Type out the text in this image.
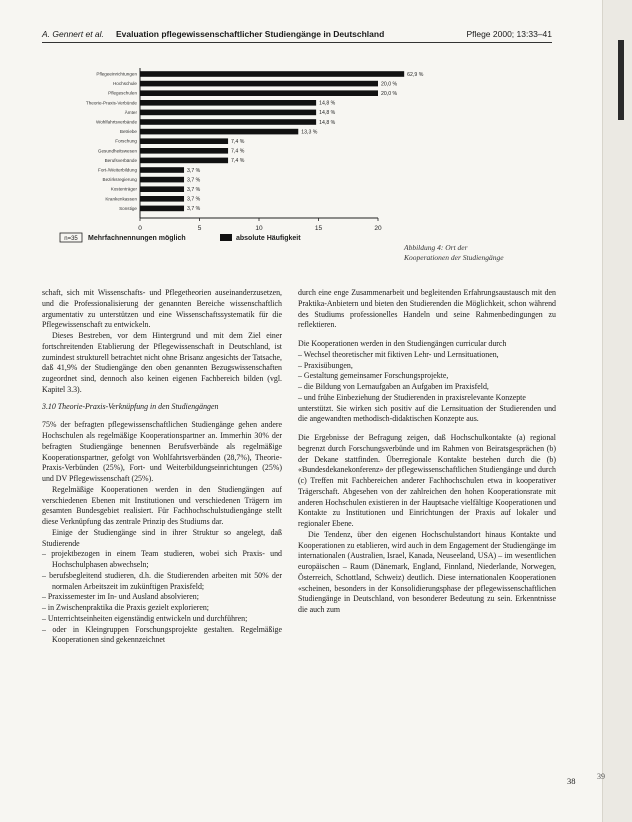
A. Gennert et al. Evaluation pflegewissenschaftlicher Studiengänge in Deutschland	Pflege 2000; 13:33–41
Pflegeeinrichtungen	62,9 %
Hochschule	20,0 %
Pflegeschulen	20,0 %
Theorie-Praxis-Verbünde	14,8 %
Ämter	14,8 %
Wohlfahrtsverbände	14,8 %
Betriebe	13,3 %
Forschung	7,4 %
Gesundheitswesen	7,4 %
Berufsverbände	7,4 %
Fort-/Weiterbildung	3,7 %
Bezirksregierung	3,7 %
Kostenträger	3,7 %
Krankenkassen	3,7 %
Sonstige	3,7 %
0	5	10	15	20
n=35 Mehrfachnennungen möglich	absolute Häufigkeit
Abbildung 4: Ort der Kooperationen der Studiengänge

schaft, sich mit Wissenschafts- und Pflegetheorien auseinanderzusetzen, und die Professionalisierung der genannten Bereiche wissenschaftlich argumentativ zu unterstützen und eine Wissenschaftssystematik für die Pflegewissenschaft zu entwickeln.

Dieses Bestreben, vor dem Hintergrund und mit dem Ziel einer fortschreitenden Etablierung der Pflegewissenschaft in Deutschland, ist zumindest strukturell betrachtet nicht ohne Brisanz angesichts der Tatsache, daß 41,9% der Studiengänge den oben genannten Bezugswissenschaften zugeordnet sind, dennoch also keinen eigenen Fachbereich bilden (vgl. Kapitel 3.3).

3.10 Theorie-Praxis-Verknüpfung in den Studiengängen

75% der befragten pflegewissenschaftlichen Studiengänge gehen andere Hochschulen als regelmäßige Kooperationspartner an. Immerhin 30% der befragten Studiengänge benennen Berufsverbände als regelmäßige Kooperationspartner, gefolgt von Wohlfahrtsverbänden (28,7%), Theorie-Praxis-Verbünden (25%), Fort- und Weiterbildungseinrichtungen (25%) und DV Pflegewissenschaft (25%).

Regelmäßige Kooperationen werden in den Studiengängen auf verschiedenen Ebenen mit Institutionen und verschiedenen Trägern im gesamten Bundesgebiet realisiert. Für Fachhochschulstudiengänge stellt diese Verknüpfung das zentrale Prinzip des Studiums dar.

Einige der Studiengänge sind in ihrer Struktur so angelegt, daß Studierende

– projektbezogen in einem Team studieren, wobei sich Praxis- und Hochschulphasen abwechseln;
– berufsbegleitend studieren, d.h. die Studierenden arbeiten mit 50% der normalen Arbeitszeit im zukünftigen Praxisfeld;
– Praxissemester im In- und Ausland absolvieren;
– in Zwischenpraktika die Praxis gezielt explorieren;
– Unterrichtseinheiten eigenständig entwickeln und durchführen;
– oder in Kleingruppen Forschungsprojekte gestalten. Regelmäßige Kooperationen sind gekennzeichnet

durch eine enge Zusammenarbeit und begleitenden Erfahrungsaustausch mit den Praktika-Anbietern und bieten den Studierenden die Möglichkeit, schon während des Studiums professionelles Handeln und seine Rahmenbedingungen zu reflektieren.

Die Kooperationen werden in den Studiengängen curricular durch

– Wechsel theoretischer mit fiktiven Lehr- und Lernsituationen,
– Praxisübungen,
– Gestaltung gemeinsamer Forschungsprojekte,
– die Bildung von Lernaufgaben an Aufgaben im Praxisfeld,
– und frühe Einbeziehung der Studierenden in praxisrelevante Konzepte

unterstützt. Sie wirken sich positiv auf die Lernsituation der Studierenden und die angewandten methodisch-didaktischen Konzepte aus.

Die Ergebnisse der Befragung zeigen, daß Hochschulkontakte (a) regional begrenzt durch Forschungsverbünde und im Rahmen von Beiratsgesprächen (b) der Dekane stattfinden. Überregionale Kontakte bestehen durch die (b) «Bundesdekanekonferenz» der pflegewissenschaftlichen Studiengänge und durch (c) Treffen mit Fachbereichen anderer Fachhochschulen etwa in kooperativer Trägerschaft. Abgesehen von der zahlreichen den hohen Kooperationsrate mit anderen Hochschulen existieren in der Hauptsache vielfältige Kooperationen und Kontakte zu Institutionen und Einrichtungen der Praxis auf lokaler und regionaler Ebene.

Die Tendenz, über den eigenen Hochschulstandort hinaus Kontakte und Kooperationen zu etablieren, wird auch in dem Engagement der Studiengänge im internationalen (Australien, Israel, Kanada, Neuseeland, USA) – im wesentlichen europäischen – Raum (Dänemark, England, Finnland, Niederlande, Norwegen, Österreich, Schottland, Schweiz) deutlich. Diese internationalen Kooperationen «scheinen, besonders in der Konsolidierungsphase der pflegewissenschaftlichen Studiengänge in Deutschland, von besonderer Bedeutung zu sein. Erkenntnisse die auch zum

38	39
